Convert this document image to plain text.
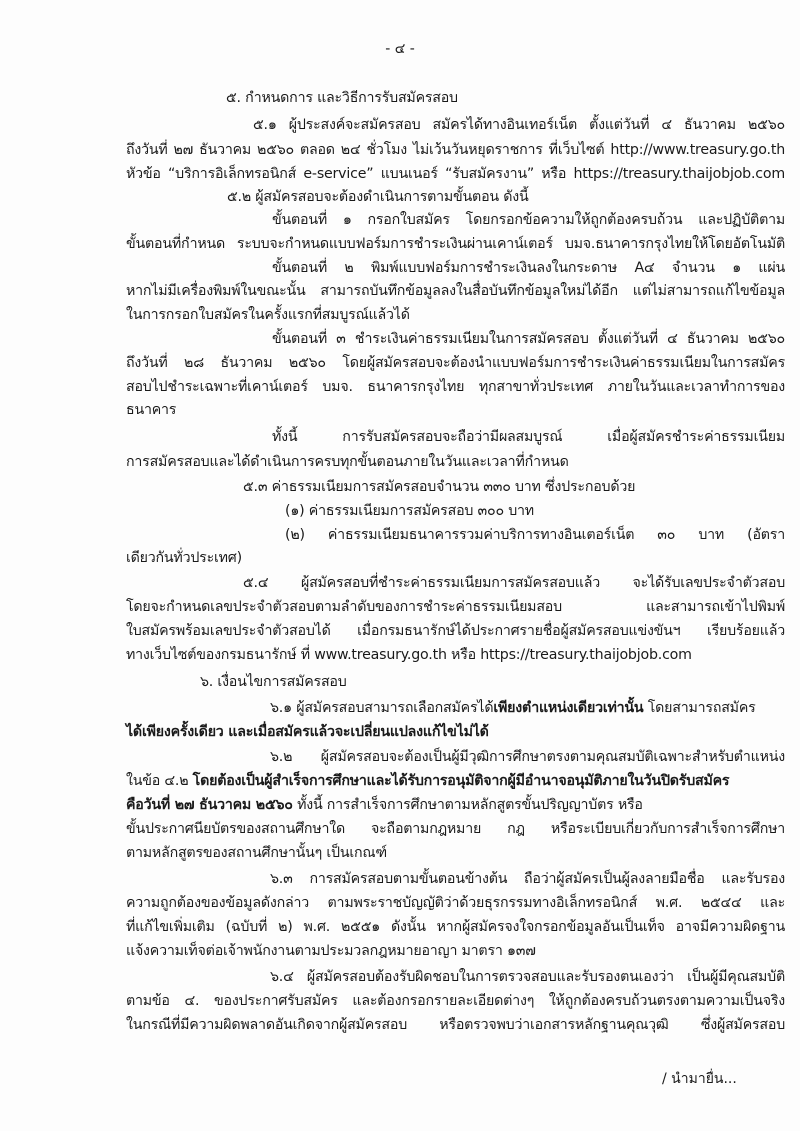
- ๔ -
๕. กำหนดการ และวิธีการรับสมัครสอบ
๕.๑ ผู้ประสงค์จะสมัครสอบ สมัครได้ทางอินเทอร์เน็ต ตั้งแต่วันที่ ๔ ธันวาคม ๒๕๖๐
ถึงวันที่ ๒๗ ธันวาคม ๒๕๖๐ ตลอด ๒๔ ชั่วโมง ไม่เว้นวันหยุดราชการ ที่เว็บไซต์ http://www.treasury.go.th
หัวข้อ “บริการอิเล็กทรอนิกส์ e-service” แบนเนอร์ “รับสมัครงาน” หรือ https://treasury.thaijobjob.com
๕.๒ ผู้สมัครสอบจะต้องดำเนินการตามขั้นตอน ดังนี้
ขั้นตอนที่ ๑ กรอกใบสมัคร โดยกรอกข้อความให้ถูกต้องครบถ้วน และปฏิบัติตาม
ขั้นตอนที่กำหนด ระบบจะกำหนดแบบฟอร์มการชำระเงินผ่านเคาน์เตอร์ บมจ.ธนาคารกรุงไทยให้โดยอัตโนมัติ
ขั้นตอนที่ ๒ พิมพ์แบบฟอร์มการชำระเงินลงในกระดาษ A๔ จำนวน ๑ แผ่น
หากไม่มีเครื่องพิมพ์ในขณะนั้น สามารถบันทึกข้อมูลลงในสื่อบันทึกข้อมูลใหม่ได้อีก แต่ไม่สามารถแก้ไขข้อมูล
ในการกรอกใบสมัครในครั้งแรกที่สมบูรณ์แล้วได้
ขั้นตอนที่ ๓ ชำระเงินค่าธรรมเนียมในการสมัครสอบ ตั้งแต่วันที่ ๔ ธันวาคม ๒๕๖๐
ถึงวันที่ ๒๘ ธันวาคม ๒๕๖๐ โดยผู้สมัครสอบจะต้องนำแบบฟอร์มการชำระเงินค่าธรรมเนียมในการสมัคร
สอบไปชำระเฉพาะที่เคาน์เตอร์ บมจ. ธนาคารกรุงไทย ทุกสาขาทั่วประเทศ ภายในวันและเวลาทำการของ
ธนาคาร
ทั้งนี้ การรับสมัครสอบจะถือว่ามีผลสมบูรณ์ เมื่อผู้สมัครชำระค่าธรรมเนียม
การสมัครสอบและได้ดำเนินการครบทุกขั้นตอนภายในวันและเวลาที่กำหนด
๕.๓ ค่าธรรมเนียมการสมัครสอบจำนวน ๓๓๐ บาท ซึ่งประกอบด้วย
(๑) ค่าธรรมเนียมการสมัครสอบ ๓๐๐ บาท
(๒) ค่าธรรมเนียมธนาคารรวมค่าบริการทางอินเตอร์เน็ต ๓๐ บาท (อัตรา
เดียวกันทั่วประเทศ)
๕.๔ ผู้สมัครสอบที่ชำระค่าธรรมเนียมการสมัครสอบแล้ว จะได้รับเลขประจำตัวสอบ
โดยจะกำหนดเลขประจำตัวสอบตามลำดับของการชำระค่าธรรมเนียมสอบ และสามารถเข้าไปพิมพ์
ใบสมัครพร้อมเลขประจำตัวสอบได้ เมื่อกรมธนารักษ์ได้ประกาศรายชื่อผู้สมัครสอบแข่งขันฯ เรียบร้อยแล้ว
ทางเว็บไซต์ของกรมธนารักษ์ ที่ www.treasury.go.th หรือ https://treasury.thaijobjob.com
๖. เงื่อนไขการสมัครสอบ
๖.๑ ผู้สมัครสอบสามารถเลือกสมัครได้เพียงตำแหน่งเดียวเท่านั้น โดยสามารถสมัคร
ได้เพียงครั้งเดียว และเมื่อสมัครแล้วจะเปลี่ยนแปลงแก้ไขไม่ได้
๖.๒ ผู้สมัครสอบจะต้องเป็นผู้มีวุฒิการศึกษาตรงตามคุณสมบัติเฉพาะสำหรับตำแหน่ง
ในข้อ ๔.๒ โดยต้องเป็นผู้สำเร็จการศึกษาและได้รับการอนุมัติจากผู้มีอำนาจอนุมัติภายในวันปิดรับสมัคร
คือวันที่ ๒๗ ธันวาคม ๒๕๖๐ ทั้งนี้ การสำเร็จการศึกษาตามหลักสูตรขั้นปริญญาบัตร หรือ
ขั้นประกาศนียบัตรของสถานศึกษาใด จะถือตามกฎหมาย กฎ หรือระเบียบเกี่ยวกับการสำเร็จการศึกษา
ตามหลักสูตรของสถานศึกษานั้นๆ เป็นเกณฑ์
๖.๓ การสมัครสอบตามขั้นตอนข้างต้น ถือว่าผู้สมัครเป็นผู้ลงลายมือชื่อ และรับรอง
ความถูกต้องของข้อมูลดังกล่าว ตามพระราชบัญญัติว่าด้วยธุรกรรมทางอิเล็กทรอนิกส์ พ.ศ. ๒๕๔๔ และ
ที่แก้ไขเพิ่มเติม (ฉบับที่ ๒) พ.ศ. ๒๕๕๑ ดังนั้น หากผู้สมัครจงใจกรอกข้อมูลอันเป็นเท็จ อาจมีความผิดฐาน
แจ้งความเท็จต่อเจ้าพนักงานตามประมวลกฎหมายอาญา มาตรา ๑๓๗
๖.๔ ผู้สมัครสอบต้องรับผิดชอบในการตรวจสอบและรับรองตนเองว่า เป็นผู้มีคุณสมบัติ
ตามข้อ ๔. ของประกาศรับสมัคร และต้องกรอกรายละเอียดต่างๆ ให้ถูกต้องครบถ้วนตรงตามความเป็นจริง
ในกรณีที่มีความผิดพลาดอันเกิดจากผู้สมัครสอบ หรือตรวจพบว่าเอกสารหลักฐานคุณวุฒิ ซึ่งผู้สมัครสอบ
/ นำมายื่น...
